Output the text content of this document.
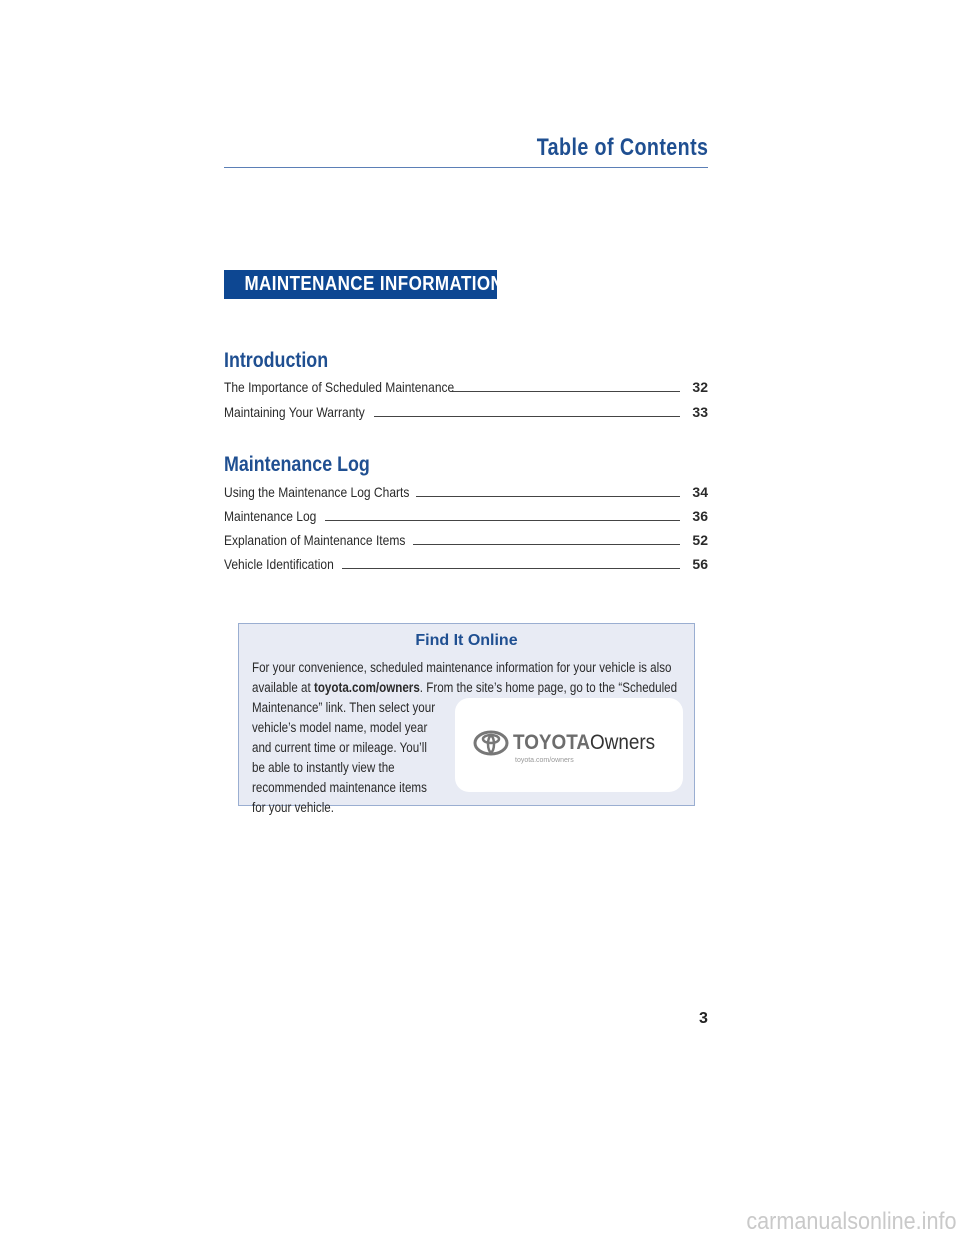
Table of Contents
MAINTENANCE INFORMATION
Introduction
The Importance of Scheduled Maintenance	32
Maintaining Your Warranty	33
Maintenance Log
Using the Maintenance Log Charts	34
Maintenance Log	36
Explanation of Maintenance Items	52
Vehicle Identification	56
Find It Online
For your convenience, scheduled maintenance information for your vehicle is also
available at toyota.com/owners. From the site’s home page, go to the “Scheduled
Maintenance” link. Then select your vehicle’s model name, model year and current time or mileage. You’ll be able to instantly view the recommended maintenance items for your vehicle.
TOYOTAOwners
toyota.com/owners
3
carmanualsonline.info
